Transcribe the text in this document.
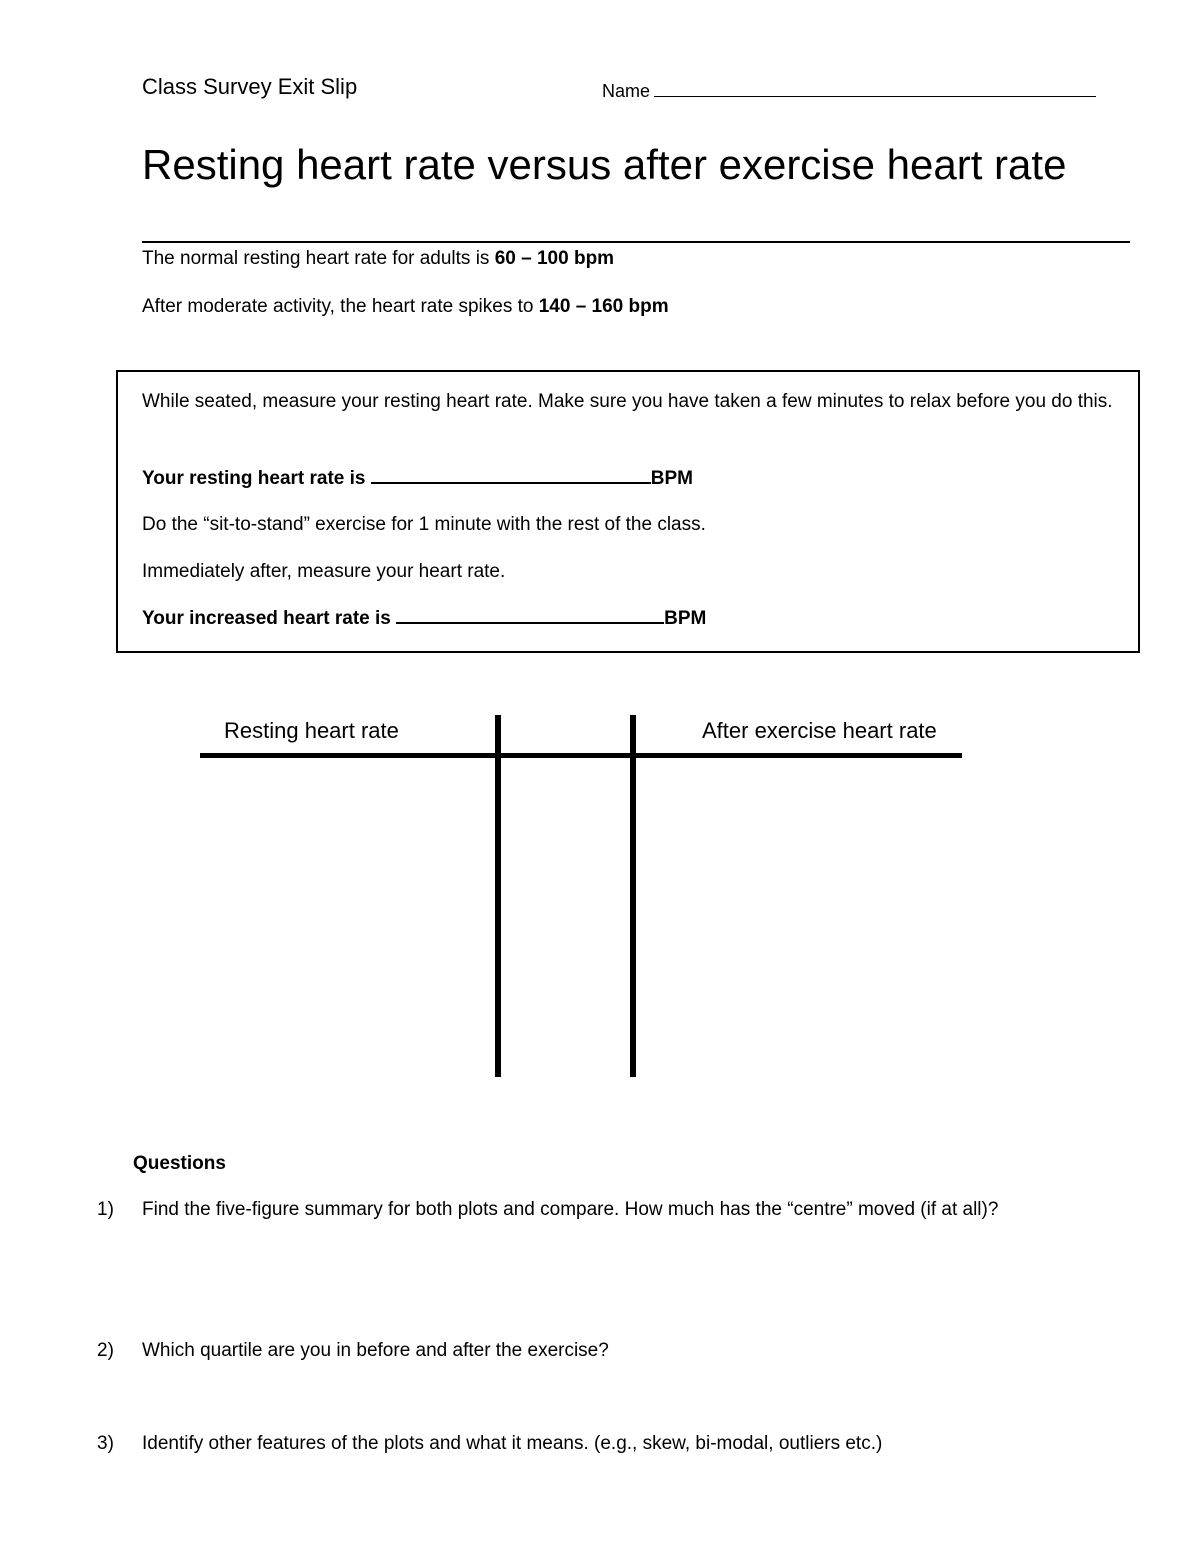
Class Survey Exit Slip	Name
Resting heart rate versus after exercise heart rate
The normal resting heart rate for adults is 60 – 100 bpm
After moderate activity, the heart rate spikes to 140 – 160 bpm
While seated, measure your resting heart rate. Make sure you have taken a few minutes to relax before you do this.
Your resting heart rate is	BPM
Do the “sit-to-stand” exercise for 1 minute with the rest of the class.
Immediately after, measure your heart rate.
Your increased heart rate is	BPM
Resting heart rate	After exercise heart rate
Questions
1) Find the five-figure summary for both plots and compare. How much has the “centre” moved (if at all)?
2) Which quartile are you in before and after the exercise?
3) Identify other features of the plots and what it means. (e.g., skew, bi-modal, outliers etc.)
